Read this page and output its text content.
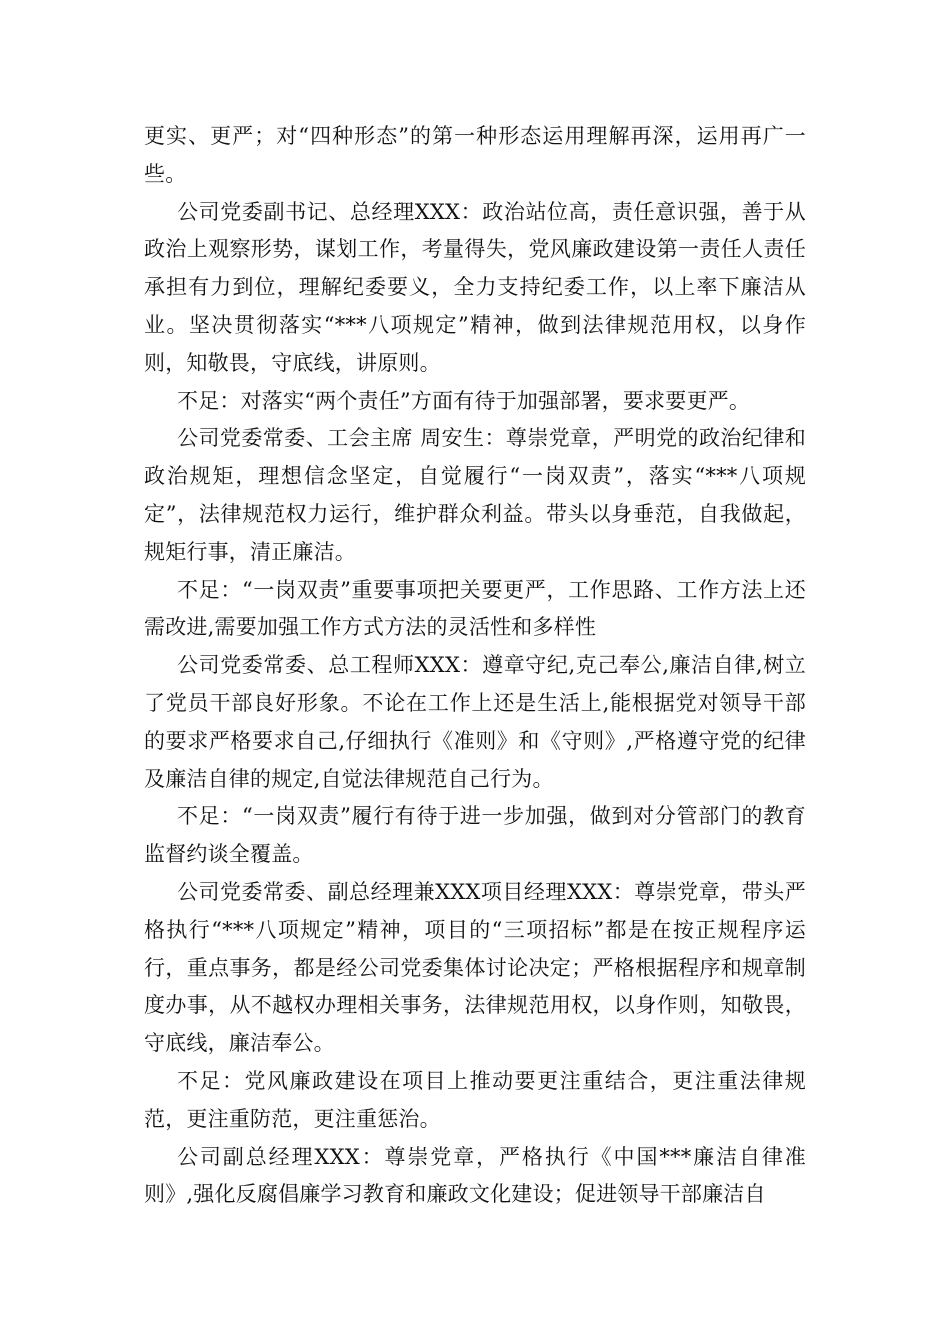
更实、更严；对“四种形态”的第一种形态运用理解再深，运用再广一些。

公司党委副书记、总经理XXX：政治站位高，责任意识强，善于从政治上观察形势，谋划工作，考量得失，党风廉政建设第一责任人责任承担有力到位，理解纪委要义，全力支持纪委工作，以上率下廉洁从业。坚决贯彻落实“***八项规定”精神，做到法律规范用权，以身作则，知敬畏，守底线，讲原则。

不足：对落实“两个责任”方面有待于加强部署，要求要更严。

公司党委常委、工会主席 周安生：尊崇党章，严明党的政治纪律和政治规矩，理想信念坚定，自觉履行“一岗双责”，落实“***八项规定”，法律规范权力运行，维护群众利益。带头以身垂范，自我做起，规矩行事，清正廉洁。

不足：“一岗双责”重要事项把关要更严，工作思路、工作方法上还需改进,需要加强工作方式方法的灵活性和多样性

公司党委常委、总工程师XXX：遵章守纪,克己奉公,廉洁自律,树立了党员干部良好形象。不论在工作上还是生活上,能根据党对领导干部的要求严格要求自己,仔细执行《准则》和《守则》,严格遵守党的纪律及廉洁自律的规定,自觉法律规范自己行为。

不足：“一岗双责”履行有待于进一步加强，做到对分管部门的教育监督约谈全覆盖。

公司党委常委、副总经理兼XXX项目经理XXX：尊崇党章，带头严格执行“***八项规定”精神，项目的“三项招标”都是在按正规程序运行，重点事务，都是经公司党委集体讨论决定；严格根据程序和规章制度办事，从不越权办理相关事务，法律规范用权，以身作则，知敬畏，守底线，廉洁奉公。

不足：党风廉政建设在项目上推动要更注重结合，更注重法律规范，更注重防范，更注重惩治。

公司副总经理XXX：尊崇党章，严格执行《中国***廉洁自律准则》,强化反腐倡廉学习教育和廉政文化建设；促进领导干部廉洁自
